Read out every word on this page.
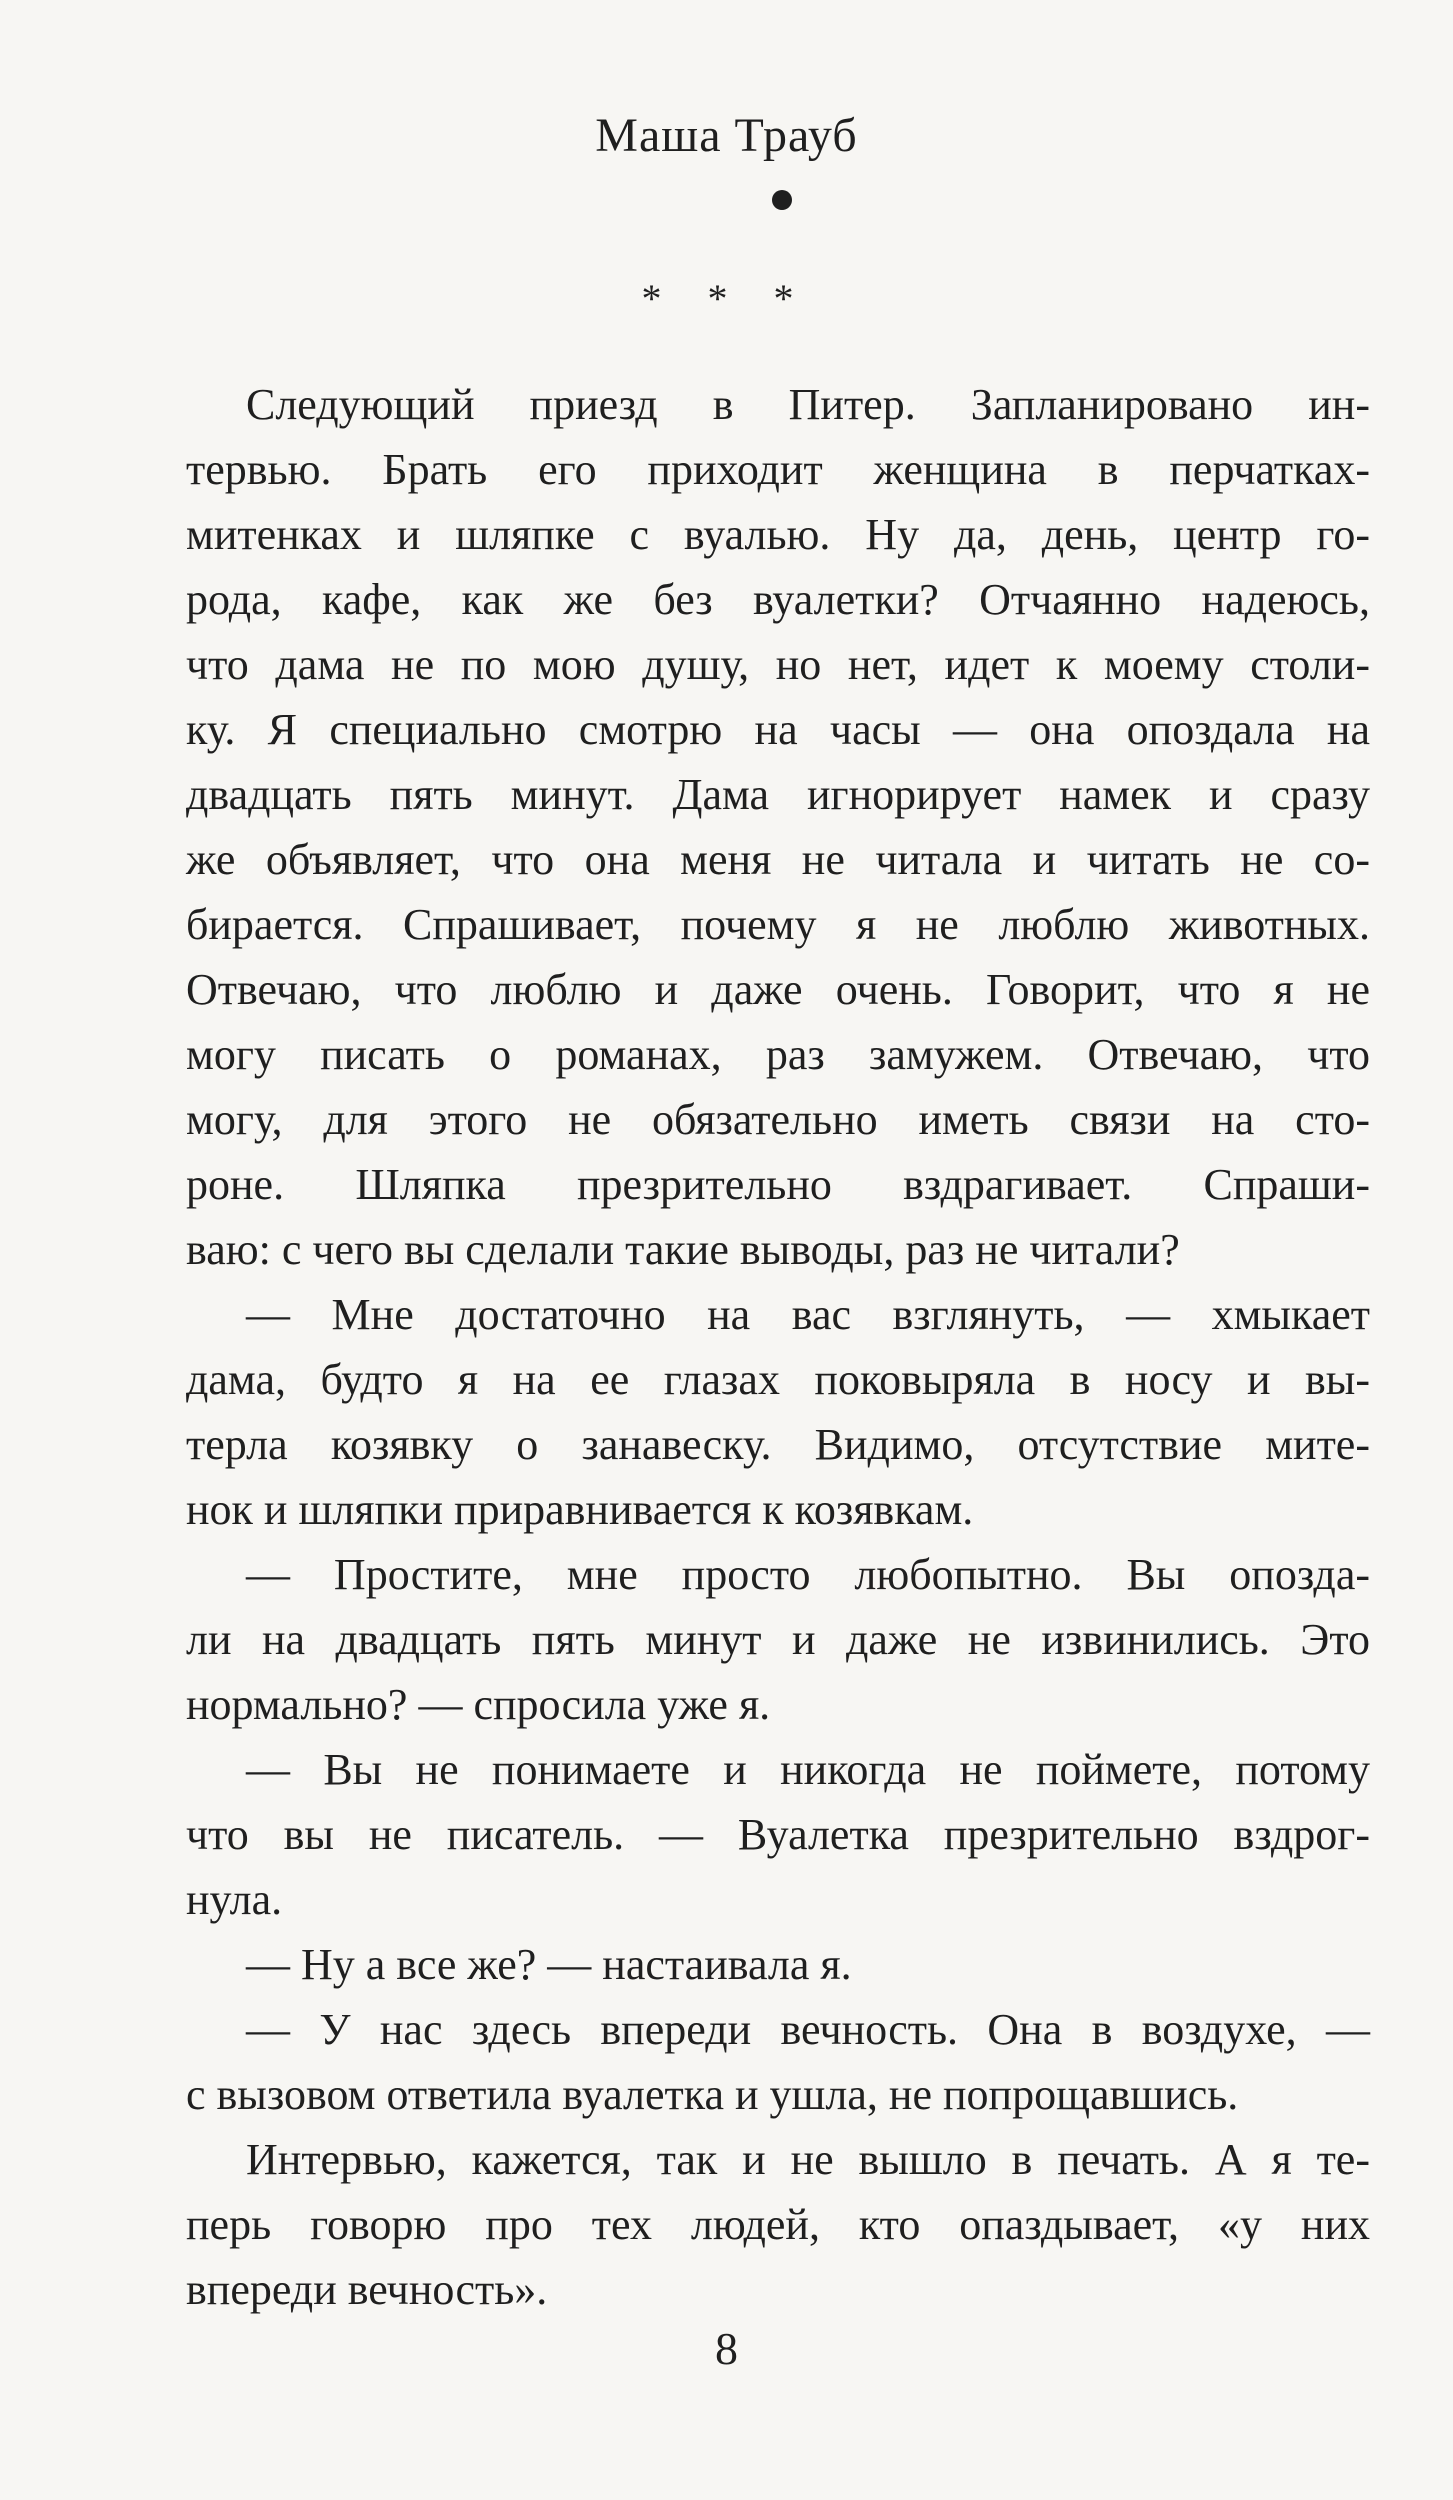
Маша Трауб
* * *
Следующий приезд в Питер. Запланировано ин-
тервью. Брать его приходит женщина в перчатках-
митенках и шляпке с вуалью. Ну да, день, центр го-
рода, кафе, как же без вуалетки? Отчаянно надеюсь,
что дама не по мою душу, но нет, идет к моему столи-
ку. Я специально смотрю на часы — она опоздала на
двадцать пять минут. Дама игнорирует намек и сразу
же объявляет, что она меня не читала и читать не со-
бирается. Спрашивает, почему я не люблю животных.
Отвечаю, что люблю и даже очень. Говорит, что я не
могу писать о романах, раз замужем. Отвечаю, что
могу, для этого не обязательно иметь связи на сто-
роне. Шляпка презрительно вздрагивает. Спраши-
ваю: с чего вы сделали такие выводы, раз не читали?
— Мне достаточно на вас взглянуть, — хмыкает
дама, будто я на ее глазах поковыряла в носу и вы-
терла козявку о занавеску. Видимо, отсутствие мите-
нок и шляпки приравнивается к козявкам.
— Простите, мне просто любопытно. Вы опозда-
ли на двадцать пять минут и даже не извинились. Это
нормально? — спросила уже я.
— Вы не понимаете и никогда не поймете, потому
что вы не писатель. — Вуалетка презрительно вздрог-
нула.
— Ну а все же? — настаивала я.
— У нас здесь впереди вечность. Она в воздухе, —
с вызовом ответила вуалетка и ушла, не попрощавшись.
Интервью, кажется, так и не вышло в печать. А я те-
перь говорю про тех людей, кто опаздывает, «у них
впереди вечность».
8
